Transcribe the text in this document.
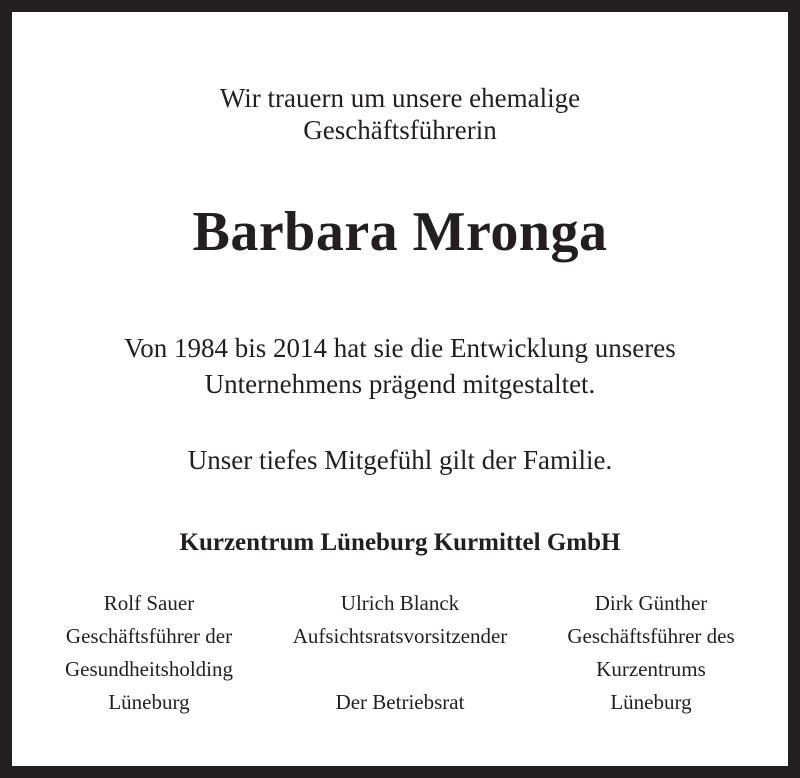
Wir trauern um unsere ehemalige
Geschäftsführerin
Barbara Mronga
Von 1984 bis 2014 hat sie die Entwicklung unseres
Unternehmens prägend mitgestaltet.
Unser tiefes Mitgefühl gilt der Familie.
Kurzentrum Lüneburg Kurmittel GmbH
Rolf Sauer
Geschäftsführer der
Gesundheitsholding
Lüneburg
Ulrich Blanck
Aufsichtsratsvorsitzender
Der Betriebsrat
Dirk Günther
Geschäftsführer des
Kurzentrums
Lüneburg
